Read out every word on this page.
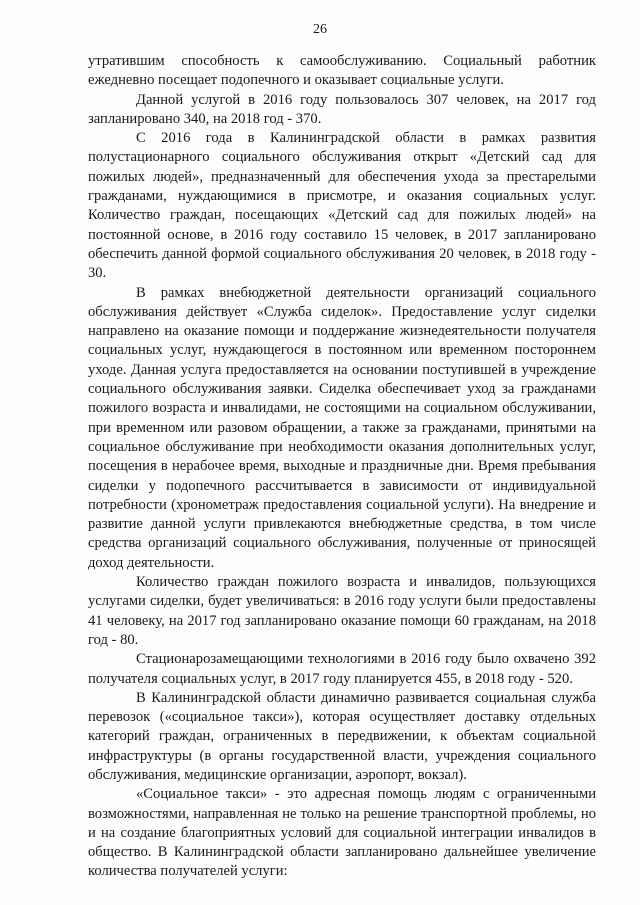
26

утратившим способность к самообслуживанию. Социальный работник ежедневно посещает подопечного и оказывает социальные услуги.

Данной услугой в 2016 году пользовалось 307 человек, на 2017 год запланировано 340, на 2018 год - 370.

С 2016 года в Калининградской области в рамках развития полустационарного социального обслуживания открыт «Детский сад для пожилых людей», предназначенный для обеспечения ухода за престарелыми гражданами, нуждающимися в присмотре, и оказания социальных услуг. Количество граждан, посещающих «Детский сад для пожилых людей» на постоянной основе, в 2016 году составило 15 человек, в 2017 запланировано обеспечить данной формой социального обслуживания 20 человек, в 2018 году - 30.

В рамках внебюджетной деятельности организаций социального обслуживания действует «Служба сиделок». Предоставление услуг сиделки направлено на оказание помощи и поддержание жизнедеятельности получателя социальных услуг, нуждающегося в постоянном или временном постороннем уходе. Данная услуга предоставляется на основании поступившей в учреждение социального обслуживания заявки. Сиделка обеспечивает уход за гражданами пожилого возраста и инвалидами, не состоящими на социальном обслуживании, при временном или разовом обращении, а также за гражданами, принятыми на социальное обслуживание при необходимости оказания дополнительных услуг, посещения в нерабочее время, выходные и праздничные дни. Время пребывания сиделки у подопечного рассчитывается в зависимости от индивидуальной потребности (хронометраж предоставления социальной услуги). На внедрение и развитие данной услуги привлекаются внебюджетные средства, в том числе средства организаций социального обслуживания, полученные от приносящей доход деятельности.

Количество граждан пожилого возраста и инвалидов, пользующихся услугами сиделки, будет увеличиваться: в 2016 году услуги были предоставлены 41 человеку, на 2017 год запланировано оказание помощи 60 гражданам, на 2018 год - 80.

Стационарозамещающими технологиями в 2016 году было охвачено 392 получателя социальных услуг, в 2017 году планируется 455, в 2018 году - 520.

В Калининградской области динамично развивается социальная служба перевозок («социальное такси»), которая осуществляет доставку отдельных категорий граждан, ограниченных в передвижении, к объектам социальной инфраструктуры (в органы государственной власти, учреждения социального обслуживания, медицинские организации, аэропорт, вокзал).

«Социальное такси» - это адресная помощь людям с ограниченными возможностями, направленная не только на решение транспортной проблемы, но и на создание благоприятных условий для социальной интеграции инвалидов в общество. В Калининградской области запланировано дальнейшее увеличение количества получателей услуги:
